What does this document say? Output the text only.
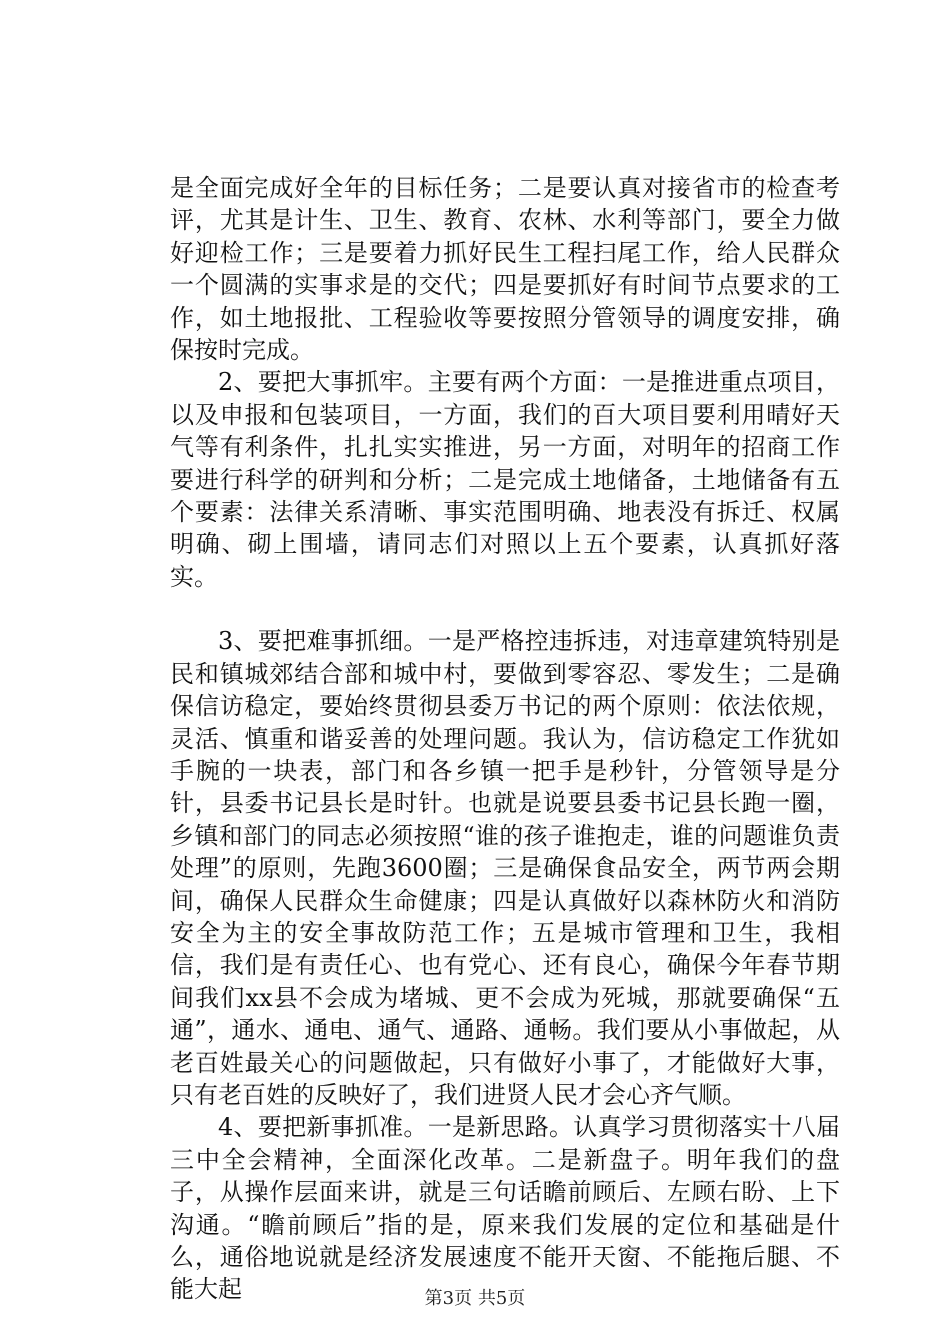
是全面完成好全年的目标任务；二是要认真对接省市的检查考评，尤其是计生、卫生、教育、农林、水利等部门，要全力做好迎检工作；三是要着力抓好民生工程扫尾工作，给人民群众一个圆满的实事求是的交代；四是要抓好有时间节点要求的工作，如土地报批、工程验收等要按照分管领导的调度安排，确保按时完成。

2、要把大事抓牢。主要有两个方面：一是推进重点项目，以及申报和包装项目，一方面，我们的百大项目要利用晴好天气等有利条件，扎扎实实推进，另一方面，对明年的招商工作要进行科学的研判和分析；二是完成土地储备，土地储备有五个要素：法律关系清晰、事实范围明确、地表没有拆迁、权属明确、砌上围墙，请同志们对照以上五个要素，认真抓好落实。

3、要把难事抓细。一是严格控违拆违，对违章建筑特别是民和镇城郊结合部和城中村，要做到零容忍、零发生；二是确保信访稳定，要始终贯彻县委万书记的两个原则：依法依规，灵活、慎重和谐妥善的处理问题。我认为，信访稳定工作犹如手腕的一块表，部门和各乡镇一把手是秒针，分管领导是分针，县委书记县长是时针。也就是说要县委书记县长跑一圈，乡镇和部门的同志必须按照“谁的孩子谁抱走，谁的问题谁负责处理”的原则，先跑3600圈；三是确保食品安全，两节两会期间，确保人民群众生命健康；四是认真做好以森林防火和消防安全为主的安全事故防范工作；五是城市管理和卫生，我相信，我们是有责任心、也有党心、还有良心，确保今年春节期间我们xx县不会成为堵城、更不会成为死城，那就要确保“五通”，通水、通电、通气、通路、通畅。我们要从小事做起，从老百姓最关心的问题做起，只有做好小事了，才能做好大事，只有老百姓的反映好了，我们进贤人民才会心齐气顺。

4、要把新事抓准。一是新思路。认真学习贯彻落实十八届三中全会精神，全面深化改革。二是新盘子。明年我们的盘子，从操作层面来讲，就是三句话瞻前顾后、左顾右盼、上下沟通。“瞻前顾后”指的是，原来我们发展的定位和基础是什么，通俗地说就是经济发展速度不能开天窗、不能拖后腿、不能大起	第3页 共5页
